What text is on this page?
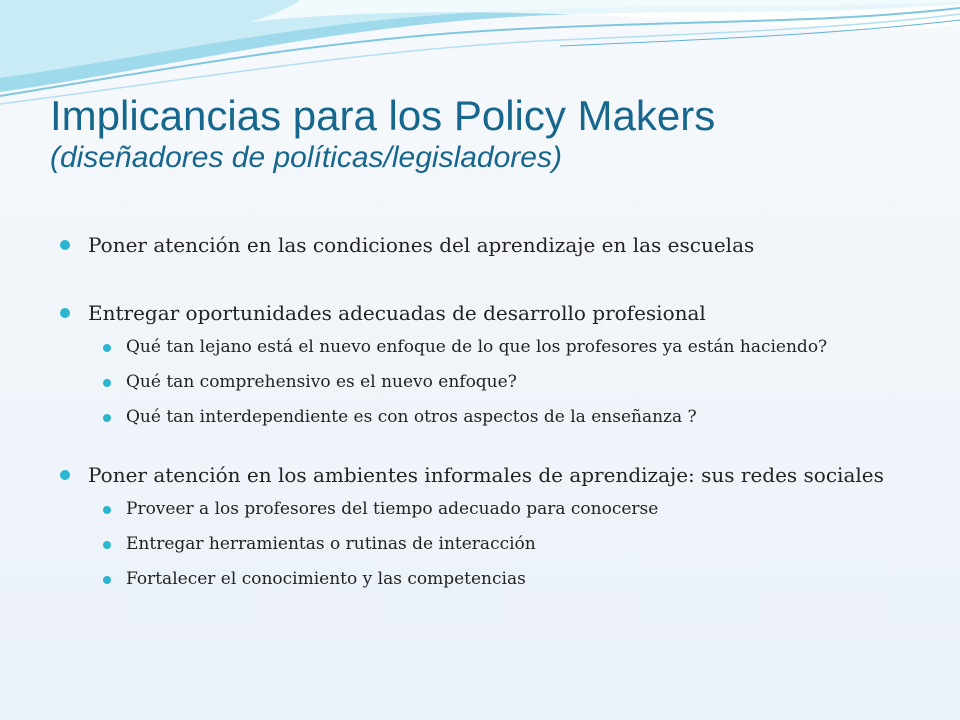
Implicancias para los Policy Makers
(diseñadores de políticas/legisladores)
Poner atención en las condiciones del aprendizaje en las escuelas
Entregar oportunidades adecuadas de desarrollo profesional
Qué tan lejano está el nuevo enfoque de lo que los profesores ya están haciendo?
Qué tan comprehensivo es el nuevo enfoque?
Qué tan interdependiente es con otros aspectos de la enseñanza ?
Poner atención en los ambientes informales de aprendizaje: sus redes sociales
Proveer a los profesores del tiempo adecuado para conocerse
Entregar herramientas o rutinas de interacción
Fortalecer el conocimiento y las competencias
